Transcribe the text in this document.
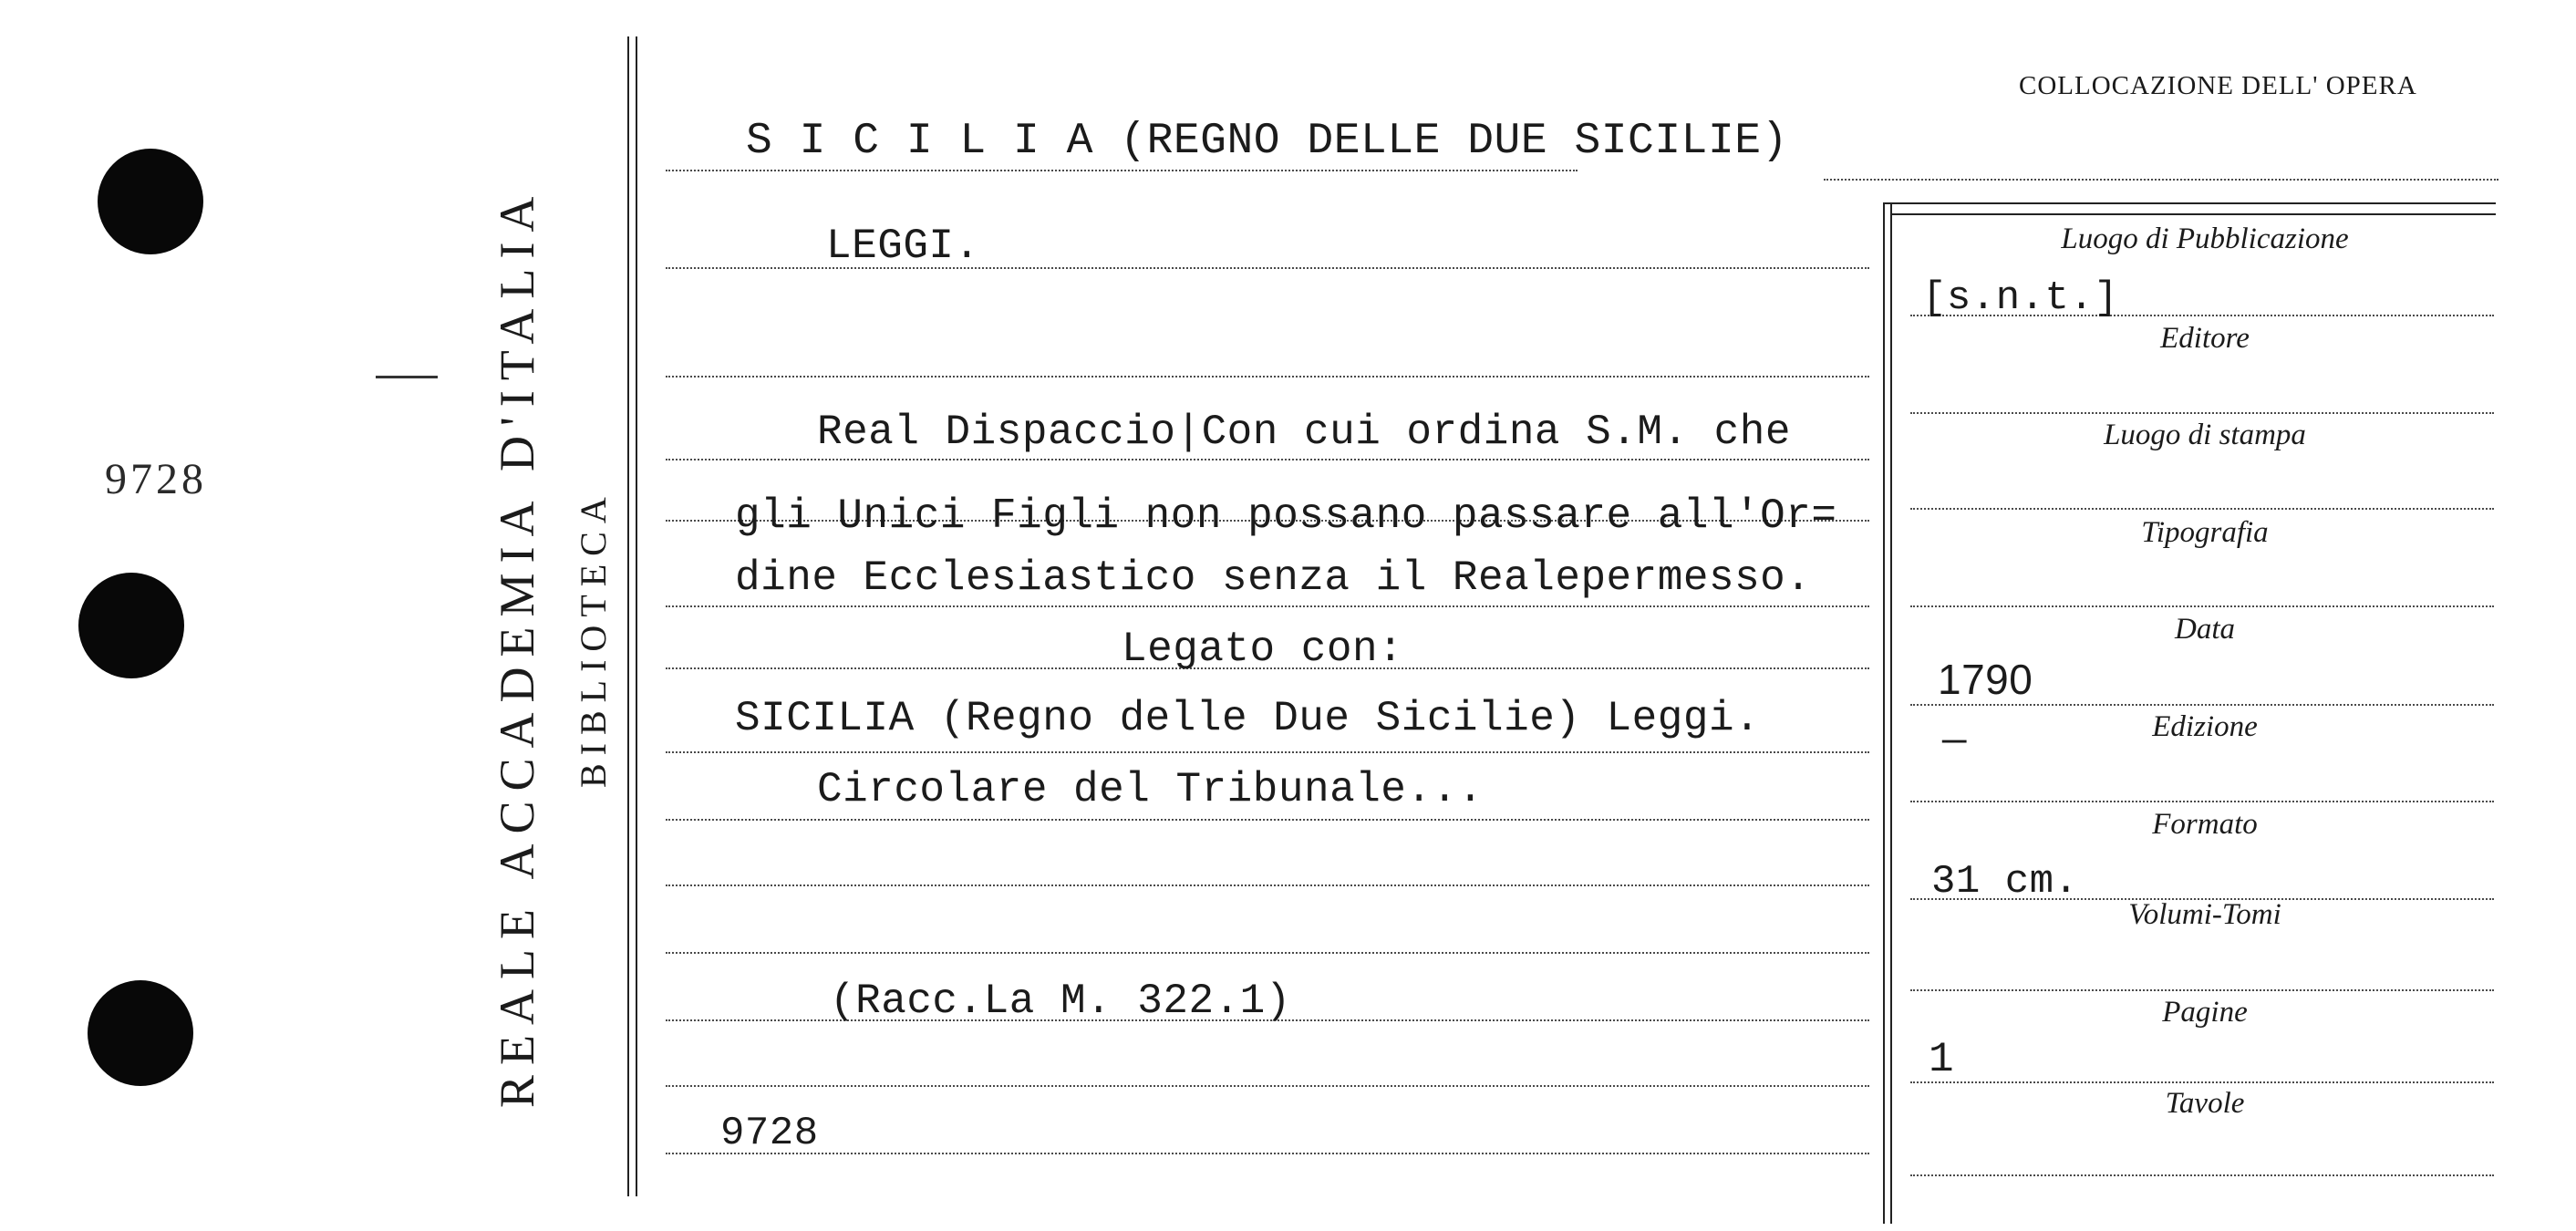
9728	REALE ACCADEMIA D'ITALIA BIBLIOTECA
COLLOCAZIONE DELL' OPERA
S I C I L I A (REGNO DELLE DUE SICILIE)
LEGGI.
Real Dispaccio|Con cui ordina S.M. che
gli Unici Figli non possano passare all'Or=
dine Ecclesiastico senza il Realepermesso.
Legato con:
SICILIA (Regno delle Due Sicilie) Leggi.
Circolare del Tribunale...
(Racc.La M. 322.1)
9728
Luogo di Pubblicazione
Editore
Luogo di stampa
Tipografia
Data
Edizione
Formato
Volumi-Tomi
Pagine
Tavole
[s.n.t.]
1790
—
31 cm.
1
